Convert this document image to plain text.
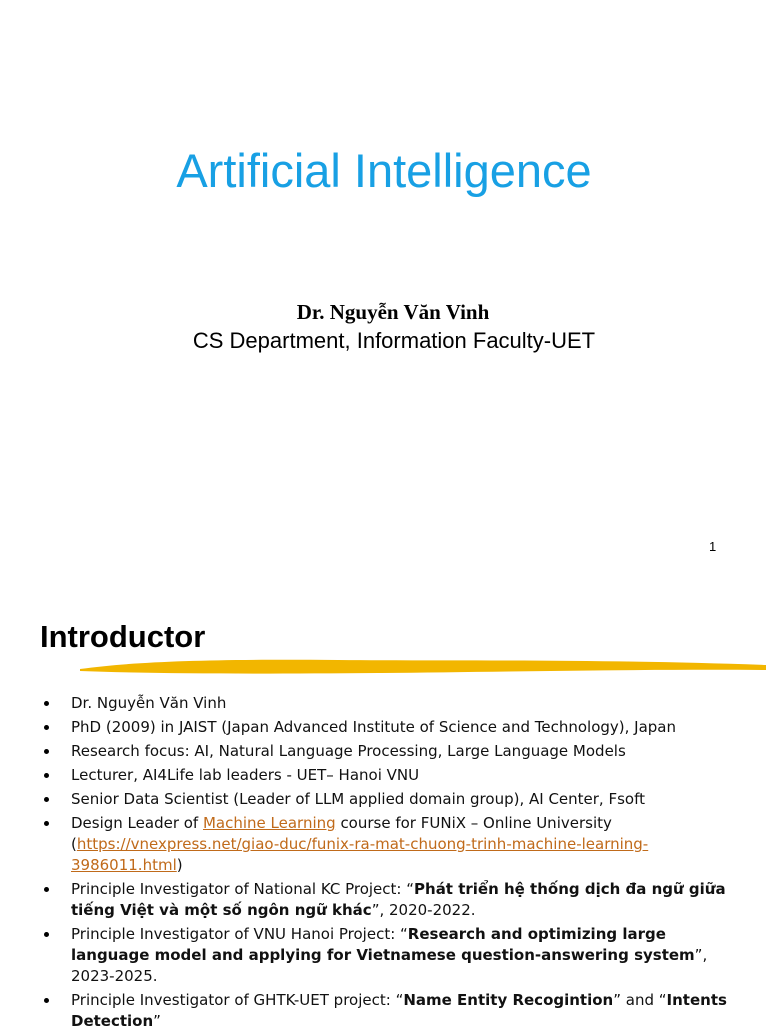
Artificial Intelligence
Dr. Nguyễn Văn Vinh
CS Department, Information Faculty-UET
1
Introductor
Dr. Nguyễn Văn Vinh
PhD (2009) in JAIST (Japan Advanced Institute of Science and Technology), Japan
Research focus: AI, Natural Language Processing, Large Language Models
Lecturer, AI4Life lab leaders - UET– Hanoi VNU
Senior Data Scientist (Leader of LLM applied domain group), AI Center, Fsoft
Design Leader of Machine Learning course for FUNiX – Online University (https://vnexpress.net/giao-duc/funix-ra-mat-chuong-trinh-machine-learning-3986011.html)
Principle Investigator of National KC Project: “Phát triển hệ thống dịch đa ngữ giữa tiếng Việt và một số ngôn ngữ khác”, 2020-2022.
Principle Investigator of VNU Hanoi Project: “Research and optimizing large language model and applying for Vietnamese question-answering system”, 2023-2025.
Principle Investigator of GHTK-UET project: “Name Entity Recogintion” and “Intents Detection”
